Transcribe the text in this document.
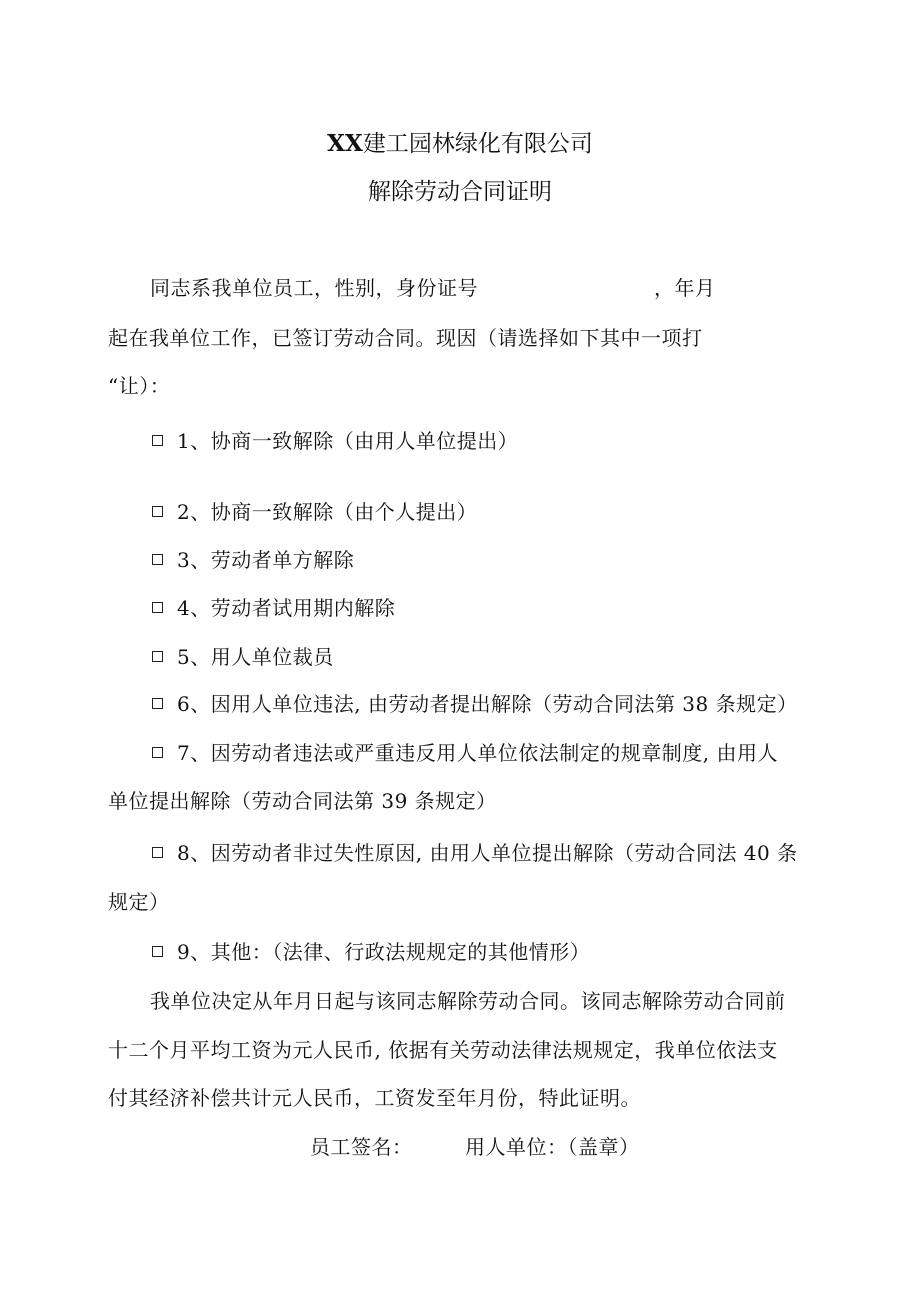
XX建工园林绿化有限公司
解除劳动合同证明
同志系我单位员工，性别，身份证号	，年月
起在我单位工作，已签订劳动合同。现因（请选择如下其中一项打
“让）：
1、协商一致解除（由用人单位提出）
2、协商一致解除（由个人提出）
3、劳动者单方解除
4、劳动者试用期内解除
5、用人单位裁员
6、因用人单位违法, 由劳动者提出解除（劳动合同法第 38 条规定）
7、因劳动者违法或严重违反用人单位依法制定的规章制度, 由用人
单位提出解除（劳动合同法第 39 条规定）
8、因劳动者非过失性原因, 由用人单位提出解除（劳动合同法 40 条
规定）
9、其他：（法律、行政法规规定的其他情形）
我单位决定从年月日起与该同志解除劳动合同。该同志解除劳动合同前
十二个月平均工资为元人民币, 依据有关劳动法律法规规定，我单位依法支
付其经济补偿共计元人民币，工资发至年月份，特此证明。
员工签名：	用人单位：（盖章）
